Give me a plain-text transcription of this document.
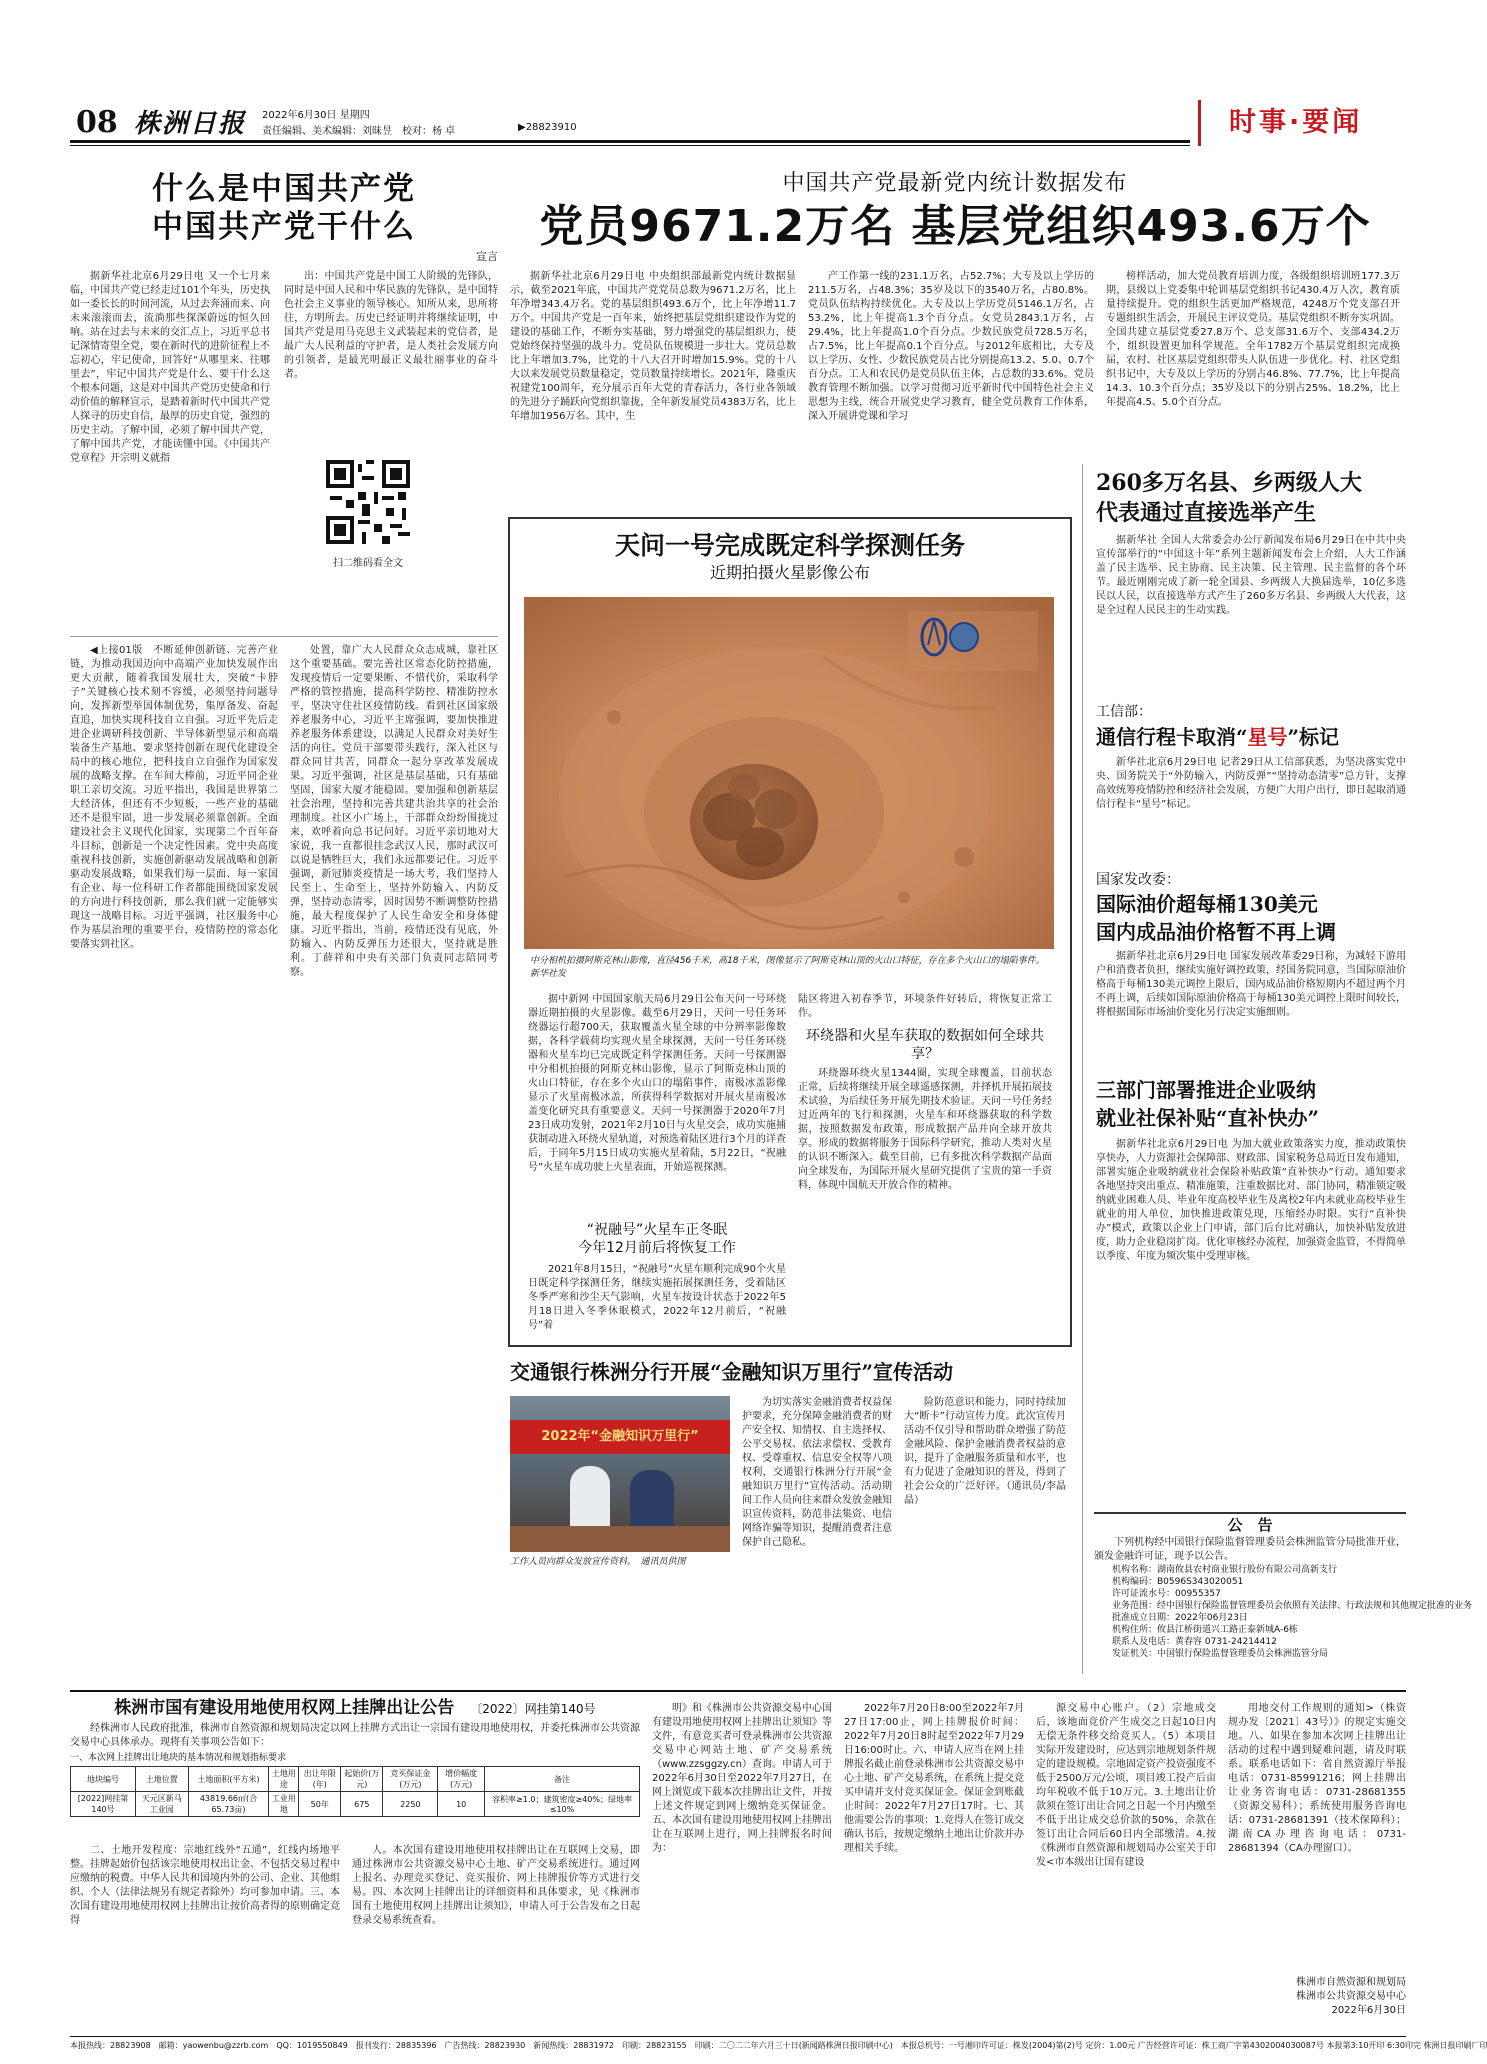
08 株洲日报 2022年6月30日 星期四
责任编辑、美术编辑：刘昧昱　校对：杨 卓	▶28823910	时事·要闻
什么是中国共产党
中国共产党干什么
宣言

据新华社北京6月29日电 又一个七月来临，中国共产党已经走过101个年头，历史执如一委长长的时间河流，从过去奔涌而来、向未来滚滚而去，流淌那些探深蔚远的恒久回响。站在过去与未来的交汇点上，习近平总书记深情寄望全党，要在新时代的进阶征程上不忘初心，牢记使命，回答好“从哪里来、往哪里去”，牢记中国共产党是什么、要干什么这个根本问题，这是对中国共产党历史使命和行动价值的解释宣示，是踏着新时代中国共产党人探寻的历史自信，最厚的历史自觉，强烈的历史主动。了解中国，必须了解中国共产党，了解中国共产党，才能读懂中国。《中国共产党章程》开宗明义就指

出：中国共产党是中国工人阶级的先锋队，同时是中国人民和中华民族的先锋队，是中国特色社会主义事业的领导核心。知所从来，思所将往，方明所去。历史已经证明并将继续证明，中国共产党是用马克思主义武装起来的党信者，是最广大人民利益的守护者，是人类社会发展方向的引领者，是最光明最正义最壮丽事业的奋斗者。

扫二维码看全文

◀上接01版　不断延伸创新链、完善产业链，为推动我国迈向中高端产业加快发展作出更大贡献，随着我国发展壮大，突破“卡脖子”关键核心技术刻不容缓，必须坚持问题导向，发挥新型举国体制优势，集厚备发、奋起直追，加快实现科技自立自强。习近平先后走进企业调研科技创新、半导体新型显示和高端装备生产基地、要求坚持创新在现代化建设全局中的核心地位，把科技自立自强作为国家发展的战略支撑。在车间大棒前，习近平同企业职工亲切交流。习近平指出，我国是世界第二大经济体，但还有不少短板，一些产业的基础还不是很牢固，进一步发展必须靠创新。全面建设社会主义现代化国家，实现第二个百年奋斗目标，创新是一个决定性因素。党中央高度重视科技创新，实施创新驱动发展战略和创新驱动发展战略，如果我们每一层面、每一家国有企业、每一位科研工作者都能围绕国家发展的方向进行科技创新，那么我们就一定能够实现这一战略目标。习近平强调，社区服务中心作为基层治理的重要平台，疫情防控的常态化要落实到社区。

处置，靠广大人民群众众志成城，靠社区这个重要基础。要完善社区常态化防控措施，发现疫情后一定要果断、不惜代价，采取科学严格的管控措施，提高科学防控、精准防控水平，坚决守住社区疫情防线。看到社区国家级养老服务中心，习近平主席强调，要加快推进养老服务体系建设，以满足人民群众对美好生活的向往。党员干部要带头践行，深入社区与群众同甘共苦，同群众一起分享改革发展成果。习近平强调，社区是基层基础，只有基础坚固，国家大厦才能稳固。要加强和创新基层社会治理，坚持和完善共建共治共享的社会治理制度。社区小广场上，干部群众纷纷围拢过来，欢呼着向总书记问好。习近平亲切地对大家说，我一直都很挂念武汉人民，那时武汉可以说是牺牲巨大，我们永远都要记住。习近平强调，新冠肺炎疫情是一场大考，我们坚持人民至上、生命至上，坚持外防输入、内防反弹，坚持动态清零，因时因势不断调整防控措施，最大程度保护了人民生命安全和身体健康。习近平指出，当前，疫情还没有见底，外防输入、内防反弹压力还很大，坚持就是胜利。丁薛祥和中央有关部门负责同志陪同考察。

中国共产党最新党内统计数据发布
党员9671.2万名 基层党组织493.6万个

据新华社北京6月29日电 中央组织部最新党内统计数据显示，截至2021年底，中国共产党党员总数为9671.2万名，比上年净增343.4万名。党的基层组织493.6万个，比上年净增11.7万个。中国共产党是一百年来，始终把基层党组织建设作为党的建设的基础工作，不断夯实基础，努力增强党的基层组织力，使党始终保持坚强的战斗力。党员队伍规模进一步壮大。党员总数比上年增加3.7%，比党的十八大召开时增加15.9%。党的十八大以来发展党员数量稳定，党员数量持续增长。2021年，隆重庆祝建党100周年，充分展示百年大党的青春活力，各行业各领域的先进分子踊跃向党组织靠拢，全年新发展党员4383万名，比上年增加1956万名。其中，生

产工作第一线的231.1万名，占52.7%；大专及以上学历的211.5万名，占48.3%；35岁及以下的3540万名，占80.8%。党员队伍结构持续优化。大专及以上学历党员5146.1万名，占53.2%，比上年提高1.3个百分点。女党员2843.1万名，占29.4%，比上年提高1.0个百分点。少数民族党员728.5万名，占7.5%，比上年提高0.1个百分点。与2012年底相比，大专及以上学历、女性、少数民族党员占比分别提高13.2、5.0、0.7个百分点。工人和农民仍是党员队伍主体，占总数的33.6%。党员教育管理不断加强。以学习贯彻习近平新时代中国特色社会主义思想为主线，统合开展党史学习教育，健全党员教育工作体系，深入开展讲党课和学习

榜样活动，加大党员教育培训力度，各级组织培训班177.3万期，县级以上党委集中轮训基层党组织书记430.4万人次，教育质量持续提升。党的组织生活更加严格规范，4248万个党支部召开专题组织生活会，开展民主评议党员。基层党组织不断夯实巩固。全国共建立基层党委27.8万个、总支部31.6万个、支部434.2万个，组织设置更加科学规范。全年1782万个基层党组织完成换届，农村、社区基层党组织带头人队伍进一步优化。村、社区党组织书记中，大专及以上学历的分别占46.8%、77.7%，比上年提高14.3、10.3个百分点；35岁及以下的分别占25%、18.2%，比上年提高4.5、5.0个百分点。

天问一号完成既定科学探测任务
近期拍摄火星影像公布
中分相机拍摄阿斯克林山影像，直径456千米，高18千米，图像显示了阿斯克林山顶的火山口特征，存在多个火山口的塌陷事件。　新华社发

据中新网 中国国家航天局6月29日公布天问一号环绕器近期拍摄的火星影像。截至6月29日，天问一号任务环绕器运行超700天，获取覆盖火星全球的中分辨率影像数据，各科学载荷均实现火星全球探测，天问一号任务环绕器和火星车均已完成既定科学探测任务。天问一号探测器中分相机拍摄的阿斯克林山影像，显示了阿斯克林山顶的火山口特征，存在多个火山口的塌陷事件，南极冰盖影像显示了火星南极冰盖，所获得科学数据对开展火星南极冰盖变化研究具有重要意义。天问一号探测器于2020年7月23日成功发射，2021年2月10日与火星交会，成功实施捕获制动进入环绕火星轨道，对预选着陆区进行3个月的详查后，于同年5月15日成功实施火星着陆，5月22日，“祝融号”火星车成功驶上火星表面，开始巡视探测。

“祝融号”火星车正冬眠
今年12月前后将恢复工作

2021年8月15日，“祝融号”火星车顺利完成90个火星日既定科学探测任务，继续实施拓展探测任务，受着陆区冬季严寒和沙尘天气影响，火星车按设计状态于2022年5月18日进入冬季休眠模式，2022年12月前后，“祝融号”着

陆区将进入初春季节，环境条件好转后，将恢复正常工作。

环绕器和火星车获取的数据如何全球共享？

环绕器环绕火星1344圈，实现全球覆盖，目前状态正常，后续将继续开展全球遥感探测，并择机开展拓展技术试验，为后续任务开展先期技术验证。天问一号任务经过近两年的飞行和探测，火星车和环绕器获取的科学数据，按照数据发布政策，形成数据产品并向全球开放共享。形成的数据将服务于国际科学研究，推动人类对火星的认识不断深入。截至目前，已有多批次科学数据产品面向全球发布，为国际开展火星研究提供了宝贵的第一手资料，体现中国航天开放合作的精神。

交通银行株洲分行开展“金融知识万里行”宣传活动
2022年“金融知识万里行”
工作人员向群众发放宣传资料。　通讯员供图

为切实落实金融消费者权益保护要求，充分保障金融消费者的财产安全权、知情权、自主选择权、公平交易权、依法求偿权、受教育权、受尊重权、信息安全权等八项权利，交通银行株洲分行开展“金融知识万里行”宣传活动。活动期间工作人员向往来群众发放金融知识宣传资料，防范非法集资、电信网络诈骗等知识，提醒消费者注意保护自己隐私。

险防范意识和能力，同时持续加大“断卡”行动宣传力度。此次宣传月活动不仅引导和帮助群众增强了防范金融风险、保护金融消费者权益的意识，提升了金融服务质量和水平，也有力促进了金融知识的普及，得到了社会公众的广泛好评。（通讯员/李晶晶）

260多万名县、乡两级人大
代表通过直接选举产生

据新华社 全国人大常委会办公厅新闻发布局6月29日在中共中央宣传部举行的“中国这十年”系列主题新闻发布会上介绍，人大工作涵盖了民主选举、民主协商、民主决策、民主管理、民主监督的各个环节。最近刚刚完成了新一轮全国县、乡两级人大换届选举，10亿多选民以人民，以直接选举方式产生了260多万名县、乡两级人大代表，这是全过程人民民主的生动实践。

工信部：
通信行程卡取消“星号”标记

新华社北京6月29日电 记者29日从工信部获悉，为坚决落实党中央、国务院关于“外防输入，内防反弹”“坚持动态清零”总方针，支撑高效统筹疫情防控和经济社会发展，方便广大用户出行，即日起取消通信行程卡“星号”标记。

国家发改委：
国际油价超每桶130美元
国内成品油价格暂不再上调

据新华社北京6月29日电 国家发展改革委29日称，为减轻下游用户和消费者负担，继续实施好调控政策，经国务院同意，当国际原油价格高于每桶130美元调控上限后，国内成品油价格短期内不超过两个月不再上调，后续如国际原油价格高于每桶130美元调控上限时间较长，将根据国际市场油价变化另行决定实施细则。

三部门部署推进企业吸纳
就业社保补贴“直补快办”

据新华社北京6月29日电 为加大就业政策落实力度，推动政策快享快办，人力资源社会保障部、财政部、国家税务总局近日发布通知，部署实施企业吸纳就业社会保险补贴政策“直补快办”行动。通知要求各地坚持突出重点、精准施策，注重数据比对、部门协同，精准锁定吸纳就业困难人员、毕业年度高校毕业生及离校2年内未就业高校毕业生就业的用人单位，加快推进政策兑现，压缩经办时限。实行“直补快办”模式，政策以企业上门申请，部门后台比对确认，加快补贴发放进度，助力企业稳岗扩岗。优化审核经办流程，加强资金监管，不得简单以季度、年度为频次集中受理审核。

公　告

下列机构经中国银行保险监督管理委员会株洲监管分局批准开业，颁发金融许可证，现予以公告。

机构名称：湖南攸县农村商业银行股份有限公司高新支行
机构编码：B0596S343020051
许可证流水号：00955357
业务范围：经中国银行保险监督管理委员会依照有关法律、行政法规和其他规定批准的业务
批准成立日期：2022年06月23日
机构住所：攸县江桥街道兴工路正泰新城A-6栋
联系人及电话：黄春容 0731-24214412
发证机关：中国银行保险监督管理委员会株洲监管分局
株洲市国有建设用地使用权网上挂牌出让公告 〔2022〕网挂第140号

经株洲市人民政府批准，株洲市自然资源和规划局决定以网上挂牌方式出让一宗国有建设用地使用权，并委托株洲市公共资源交易中心具体承办。现将有关事项公告如下：

一、本次网上挂牌出让地块的基本情况和规划指标要求
地块编号	土地位置	土地面积(平方米)	土地用途	出让年限(年)	起始价(万元)	竞买保证金(万元)	增价幅度(万元)	备注
[2022]网挂第140号	天元区新马工业园	43819.66㎡(合65.73亩)	工业用地	50年	675	2250	10	容积率≥1.0；建筑密度≥40%；绿地率≤10%

二、土地开发程度：宗地红线外“五通”，红线内场地平整。挂牌起始价包括该宗地使用权出让金、不包括交易过程中应缴纳的税费。中华人民共和国境内外的公司、企业、其他组织、个人（法律法规另有规定者除外）均可参加申请。三、本次国有建设用地使用权网上挂牌出让按价高者得的原则确定竞得

人。本次国有建设用地使用权挂牌出让在互联网上交易，即通过株洲市公共资源交易中心土地、矿产交易系统进行。通过网上报名、办理竞买登记、竞买报价、网上挂牌报价等方式进行交易。四、本次网上挂牌出让的详细资料和具体要求，见《株洲市国有土地使用权网上挂牌出让须知》，申请人可于公告发布之日起登录交易系统查看。

明》和《株洲市公共资源交易中心国有建设用地使用权网上挂牌出让须知》等文件，有意竞买者可登录株洲市公共资源交易中心网站土地、矿产交易系统（www.zzsggzy.cn）查询。申请人可于2022年6月30日至2022年7月27日，在网上浏览或下载本次挂牌出让文件，并按上述文件规定到网上缴纳竞买保证金。五、本次国有建设用地使用权网上挂牌出让在互联网上进行，网上挂牌报名时间为：

2022年7月20日8:00至2022年7月27日17:00止，网上挂牌报价时间：2022年7月20日8时起至2022年7月29日16:00时止。六、申请人应当在网上挂牌报名截止前登录株洲市公共资源交易中心土地、矿产交易系统，在系统上提交竞买申请并支付竞买保证金。保证金到账截止时间：2022年7月27日17时。七、其他需要公告的事项：1.竞得人在签订成交确认书后，按规定缴纳土地出让价款并办理相关手续。

源交易中心账户。（2）宗地成交后，该地面竞价产生成交之日起10日内无偿无条件移交给竞买人。（5）本项目实际开发建设时，应达到宗地规划条件规定的建设规模。宗地固定资产投资强度不低于2500万元/公顷，项目竣工投产后亩均年税收不低于10万元。3.土地出让价款须在签订出让合同之日起一个月内缴至不低于出让成交总价款的50%，余款在签订出让合同后60日内全部缴清。4.按《株洲市自然资源和规划局办公室关于印发<市本级出让国有建设

用地交付工作规则的通知>（株资规办发〔2021〕43号）》的规定实施交地。八、如果在参加本次网上挂牌出让活动的过程中遇到疑难问题，请及时联系。联系电话如下：省自然资源厅举报电话：0731-85991216；网上挂牌出让业务咨询电话：0731-28681355（资源交易科）；系统使用服务咨询电话：0731-28681391（技术保障科）；湖南CA办理咨询电话：0731-28681394（CA办理窗口）。

株洲市自然资源和规划局
株洲市公共资源交易中心
2022年6月30日
本报热线：28823908　邮箱：yaowenbu@zzrb.com　QQ：1019550849　报刊发行：28835396　广告热线：28823930　新闻热线：28831972　印刷：28823155　印刷：二〇二二年六月三十日(新闻路株洲日报印刷中心)　本报总机号：一号湘印许可证：株发(2004)第(2)号 定价：1.00元 广告经营许可证：株工商广字第4302004030087号 本报第3:10开印 6:30印完 株洲日报印刷厂印
